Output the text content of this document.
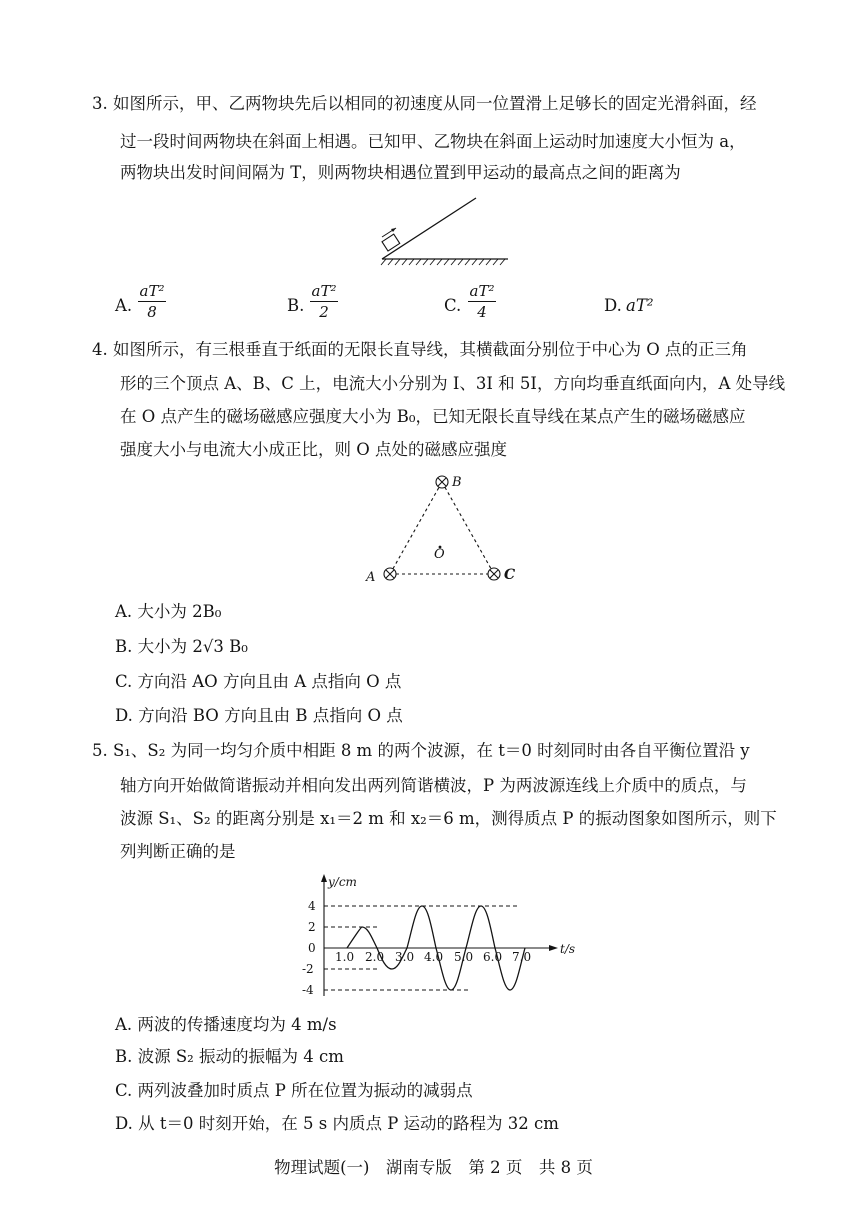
3. 如图所示，甲、乙两物块先后以相同的初速度从同一位置滑上足够长的固定光滑斜面，经
过一段时间两物块在斜面上相遇。已知甲、乙物块在斜面上运动时加速度大小恒为 a，
两物块出发时间间隔为 T，则两物块相遇位置到甲运动的最高点之间的距离为
A.
aT²
8	B.
aT²
2	C.
aT²
4	D. aT²
4. 如图所示，有三根垂直于纸面的无限长直导线，其横截面分别位于中心为 O 点的正三角
形的三个顶点 A、B、C 上，电流大小分别为 I、3I 和 5I，方向均垂直纸面向内，A 处导线
在 O 点产生的磁场磁感应强度大小为 B₀，已知无限长直导线在某点产生的磁场磁感应
强度大小与电流大小成正比，则 O 点处的磁感应强度
O
A
B
C
A. 大小为 2B₀
B. 大小为 2√3 B₀
C. 方向沿 AO 方向且由 A 点指向 O 点
D. 方向沿 BO 方向且由 B 点指向 O 点
5. S₁、S₂ 为同一均匀介质中相距 8 m 的两个波源，在 t＝0 时刻同时由各自平衡位置沿 y
轴方向开始做简谐振动并相向发出两列简谐横波，P 为两波源连线上介质中的质点，与
波源 S₁、S₂ 的距离分别是 x₁＝2 m 和 x₂＝6 m，测得质点 P 的振动图象如图所示，则下
列判断正确的是
y/cm
t/s
4
2
0
-2
-4
1.0 2.0 3.0 4.0 5.0 6.0 7.0
A. 两波的传播速度均为 4 m/s
B. 波源 S₂ 振动的振幅为 4 cm
C. 两列波叠加时质点 P 所在位置为振动的减弱点
D. 从 t＝0 时刻开始，在 5 s 内质点 P 运动的路程为 32 cm
物理试题(一)　湖南专版　第 2 页　共 8 页
